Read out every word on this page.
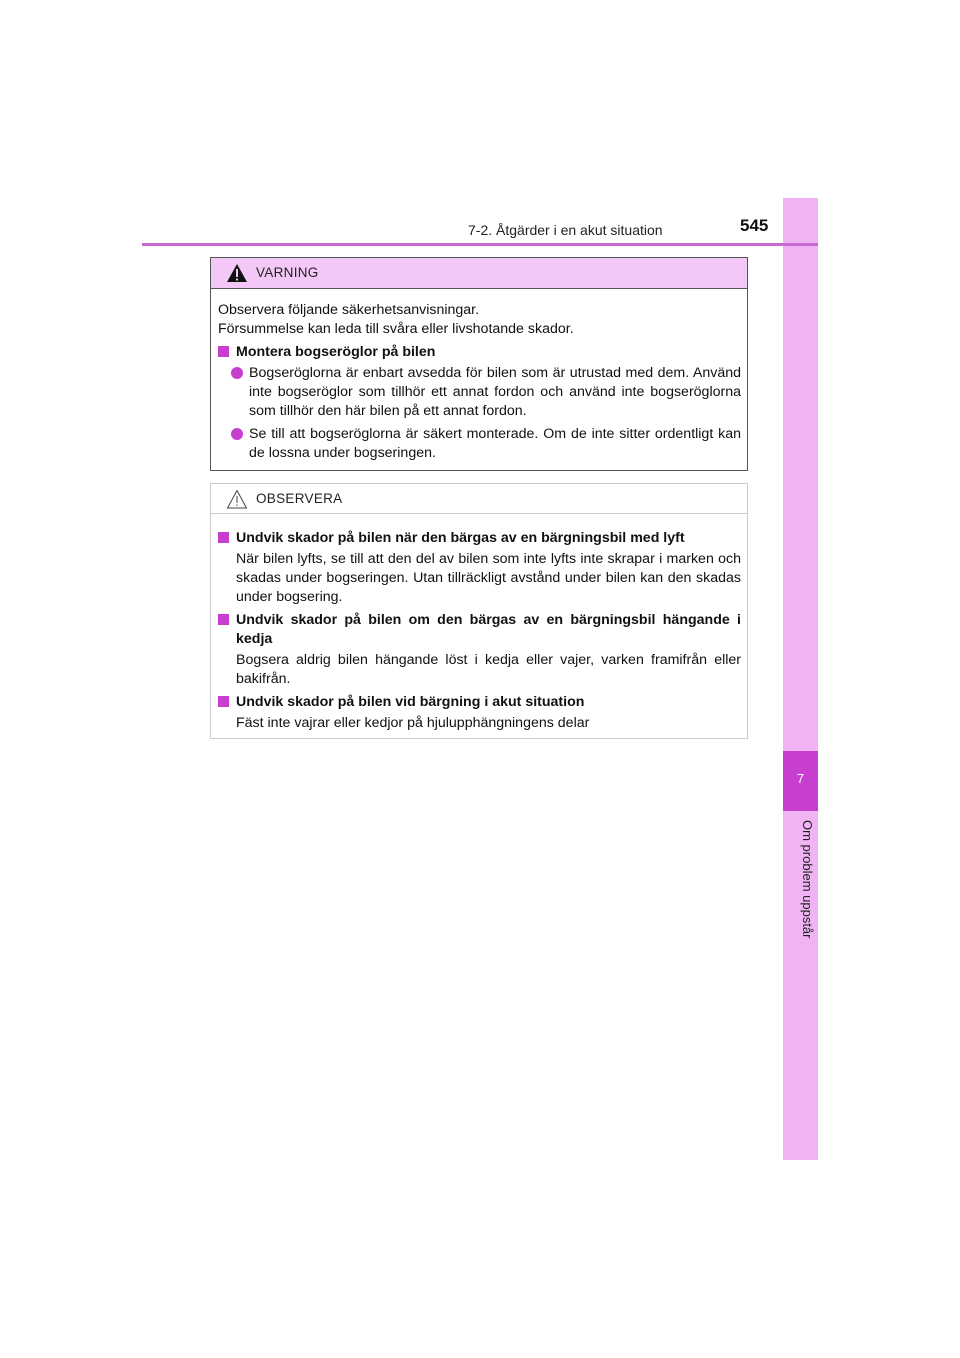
7
Om problem uppstår
7-2. Åtgärder i en akut situation	545
VARNING

Observera följande säkerhetsanvisningar.

Försummelse kan leda till svåra eller livshotande skador.

Montera bogseröglor på bilen
Bogseröglorna är enbart avsedda för bilen som är utrustad med dem. Använd inte bogseröglor som tillhör ett annat fordon och använd inte bogseröglorna som tillhör den här bilen på ett annat fordon.
Se till att bogseröglorna är säkert monterade. Om de inte sitter ordentligt kan de lossna under bogseringen.
OBSERVERA
Undvik skador på bilen när den bärgas av en bärgningsbil med lyft

När bilen lyfts, se till att den del av bilen som inte lyfts inte skrapar i marken och skadas under bogseringen. Utan tillräckligt avstånd under bilen kan den skadas under bogsering.

Undvik skador på bilen om den bärgas av en bärgningsbil hängande i kedja

Bogsera aldrig bilen hängande löst i kedja eller vajer, varken framifrån eller bakifrån.

Undvik skador på bilen vid bärgning i akut situation

Fäst inte vajrar eller kedjor på hjulupphängningens delar
